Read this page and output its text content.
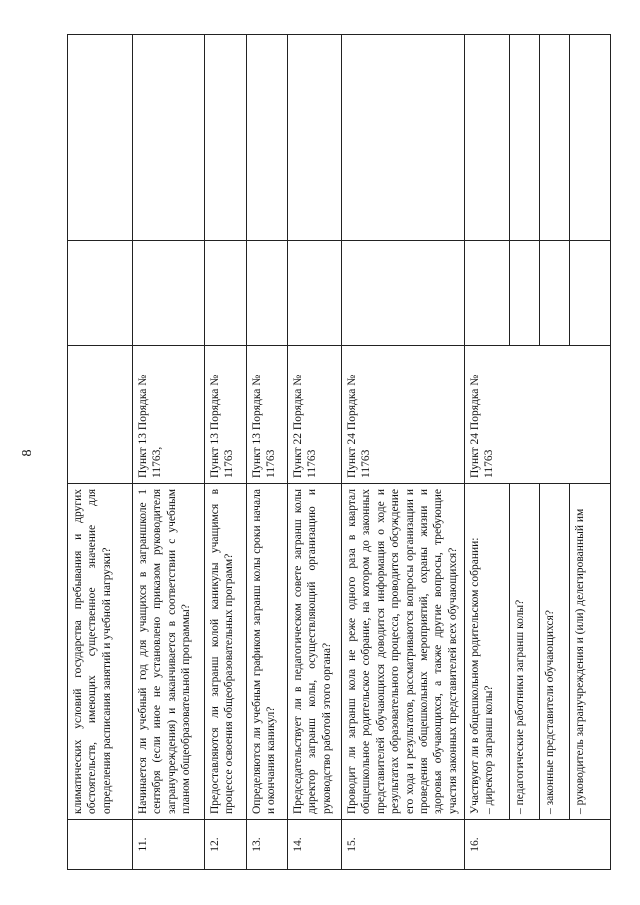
8
	климатических условий государства пребывания и других обстоятельств, имеющих существенное значение для определения расписания занятий и учебной нагрузки?			
11.	Начинается ли учебный год для учащихся в заграншколе 1 сентября (если иное не установлено приказом руководителя загранучреждения) и заканчивается в соответствии с учебным планом общеобразовательной программы?	Пункт 13 Порядка № 11763,		
12.	Предоставляются ли загранш колой каникулы учащимся в процессе освоения общеобразовательных программ?	Пункт 13 Порядка № 11763		
13.	Определяются ли учебным графиком загранш колы сроки начала и окончания каникул?	Пункт 13 Порядка № 11763		
14.	Председательствует ли в педагогическом совете загранш колы директор загранш колы, осуществляющий организацию и руководство работой этого органа?	Пункт 22 Порядка № 11763		
15.	Проводит ли загранш кола не реже одного раза в квартал общешкольное родительское собрание, на котором до законных представителей обучающихся доводится информация о ходе и результатах образовательного процесса, проводится обсуждение его хода и результатов, рассматриваются вопросы организации и проведения общешкольных мероприятий, охраны жизни и здоровья обучающихся, а также другие вопросы, требующие участия законных представителей всех обучающихся?	Пункт 24 Порядка № 11763		
16.	Участвуют ли в общешкольном родительском собрании: – директор загранш колы?	Пункт 24 Порядка № 11763		
	– педагогические работники загранш колы?			
	– законные представители обучающихся?			
	– руководитель загранучреждения и (или) делегированный им			
